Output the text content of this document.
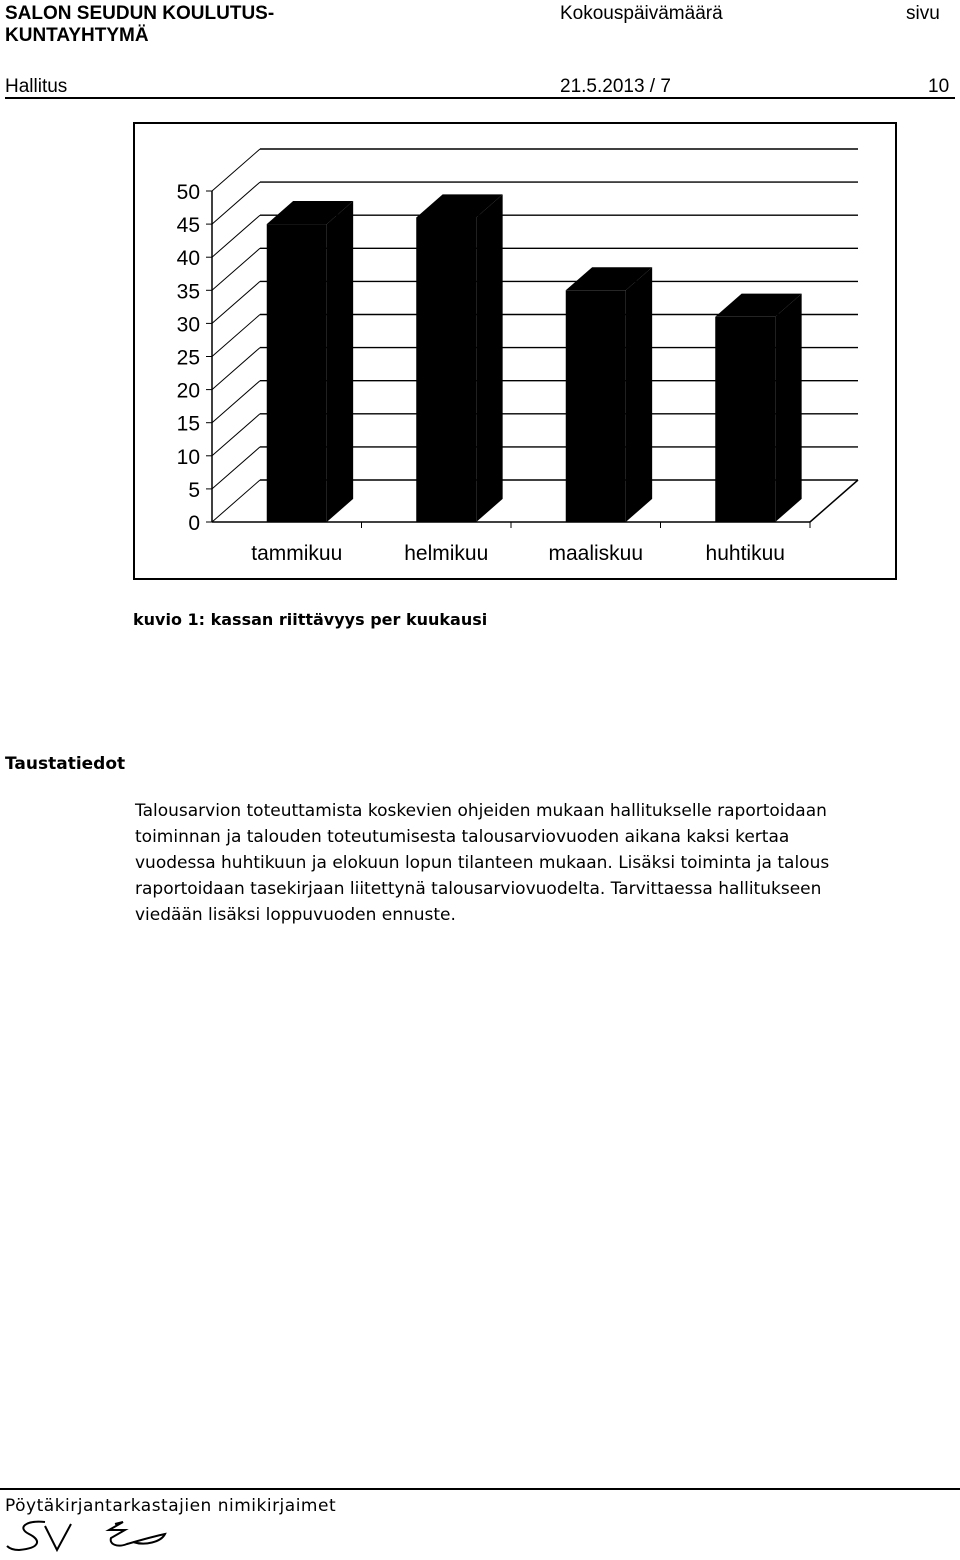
SALON SEUDUN KOULUTUS-
KUNTAYHTYMÄ
Kokouspäivämäärä	sivu
Hallitus	21.5.2013 / 7	10
0
5
10
15
20
25
30
35
40
45
50
tammikuu	helmikuu	maaliskuu	huhtikuu
kuvio 1: kassan riittävyys per kuukausi
Taustatiedot
Talousarvion toteuttamista koskevien ohjeiden mukaan hallitukselle raportoidaan
toiminnan ja talouden toteutumisesta talousarviovuoden aikana kaksi kertaa
vuodessa huhtikuun ja elokuun lopun tilanteen mukaan. Lisäksi toiminta ja talous
raportoidaan tasekirjaan liitettynä talousarviovuodelta. Tarvittaessa hallitukseen
viedään lisäksi loppuvuoden ennuste.
Pöytäkirjantarkastajien nimikirjaimet
